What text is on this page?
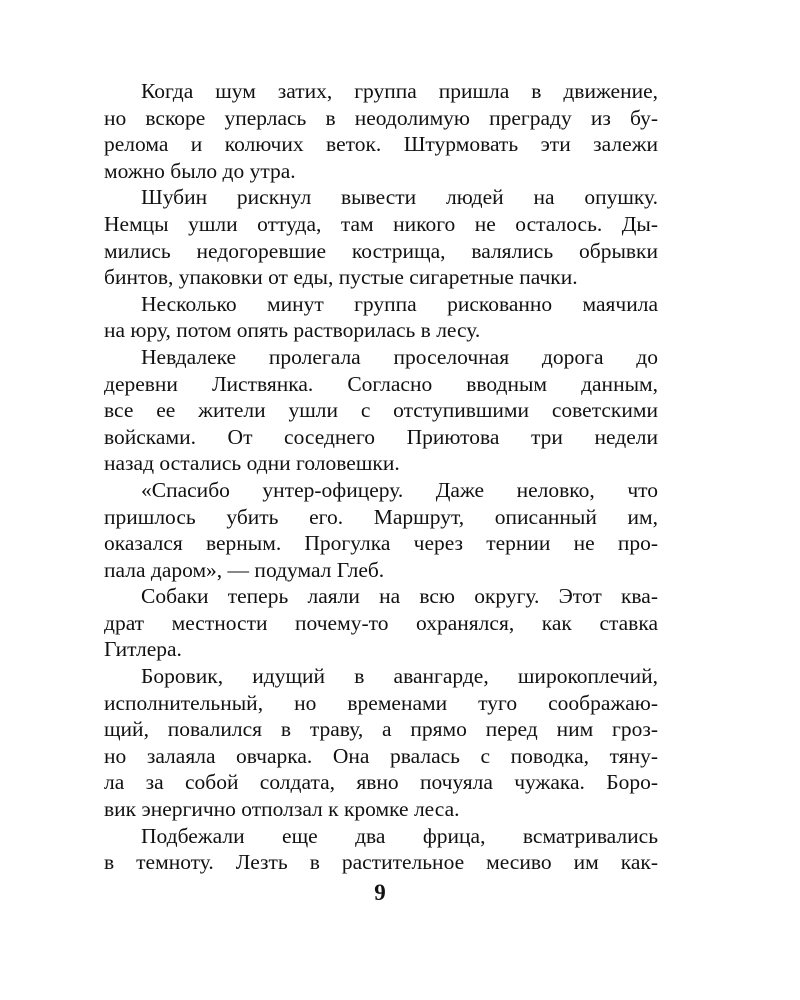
Когда шум затих, группа пришла в движение,
но вскоре уперлась в неодолимую преграду из бу-
релома и колючих веток. Штурмовать эти залежи
можно было до утра.
Шубин рискнул вывести людей на опушку.
Немцы ушли оттуда, там никого не осталось. Ды-
мились недогоревшие кострища, валялись обрывки
бинтов, упаковки от еды, пустые сигаретные пачки.
Несколько минут группа рискованно маячила
на юру, потом опять растворилась в лесу.
Невдалеке пролегала проселочная дорога до
деревни Листвянка. Согласно вводным данным,
все ее жители ушли с отступившими советскими
войсками. От соседнего Приютова три недели
назад остались одни головешки.
«Спасибо унтер-офицеру. Даже неловко, что
пришлось убить его. Маршрут, описанный им,
оказался верным. Прогулка через тернии не про-
пала даром», — подумал Глеб.
Собаки теперь лаяли на всю округу. Этот ква-
драт местности почему-то охранялся, как ставка
Гитлера.
Боровик, идущий в авангарде, широкоплечий,
исполнительный, но временами туго соображаю-
щий, повалился в траву, а прямо перед ним гроз-
но залаяла овчарка. Она рвалась с поводка, тяну-
ла за собой солдата, явно почуяла чужака. Боро-
вик энергично отползал к кромке леса.
Подбежали еще два фрица, всматривались
в темноту. Лезть в растительное месиво им как-
9
